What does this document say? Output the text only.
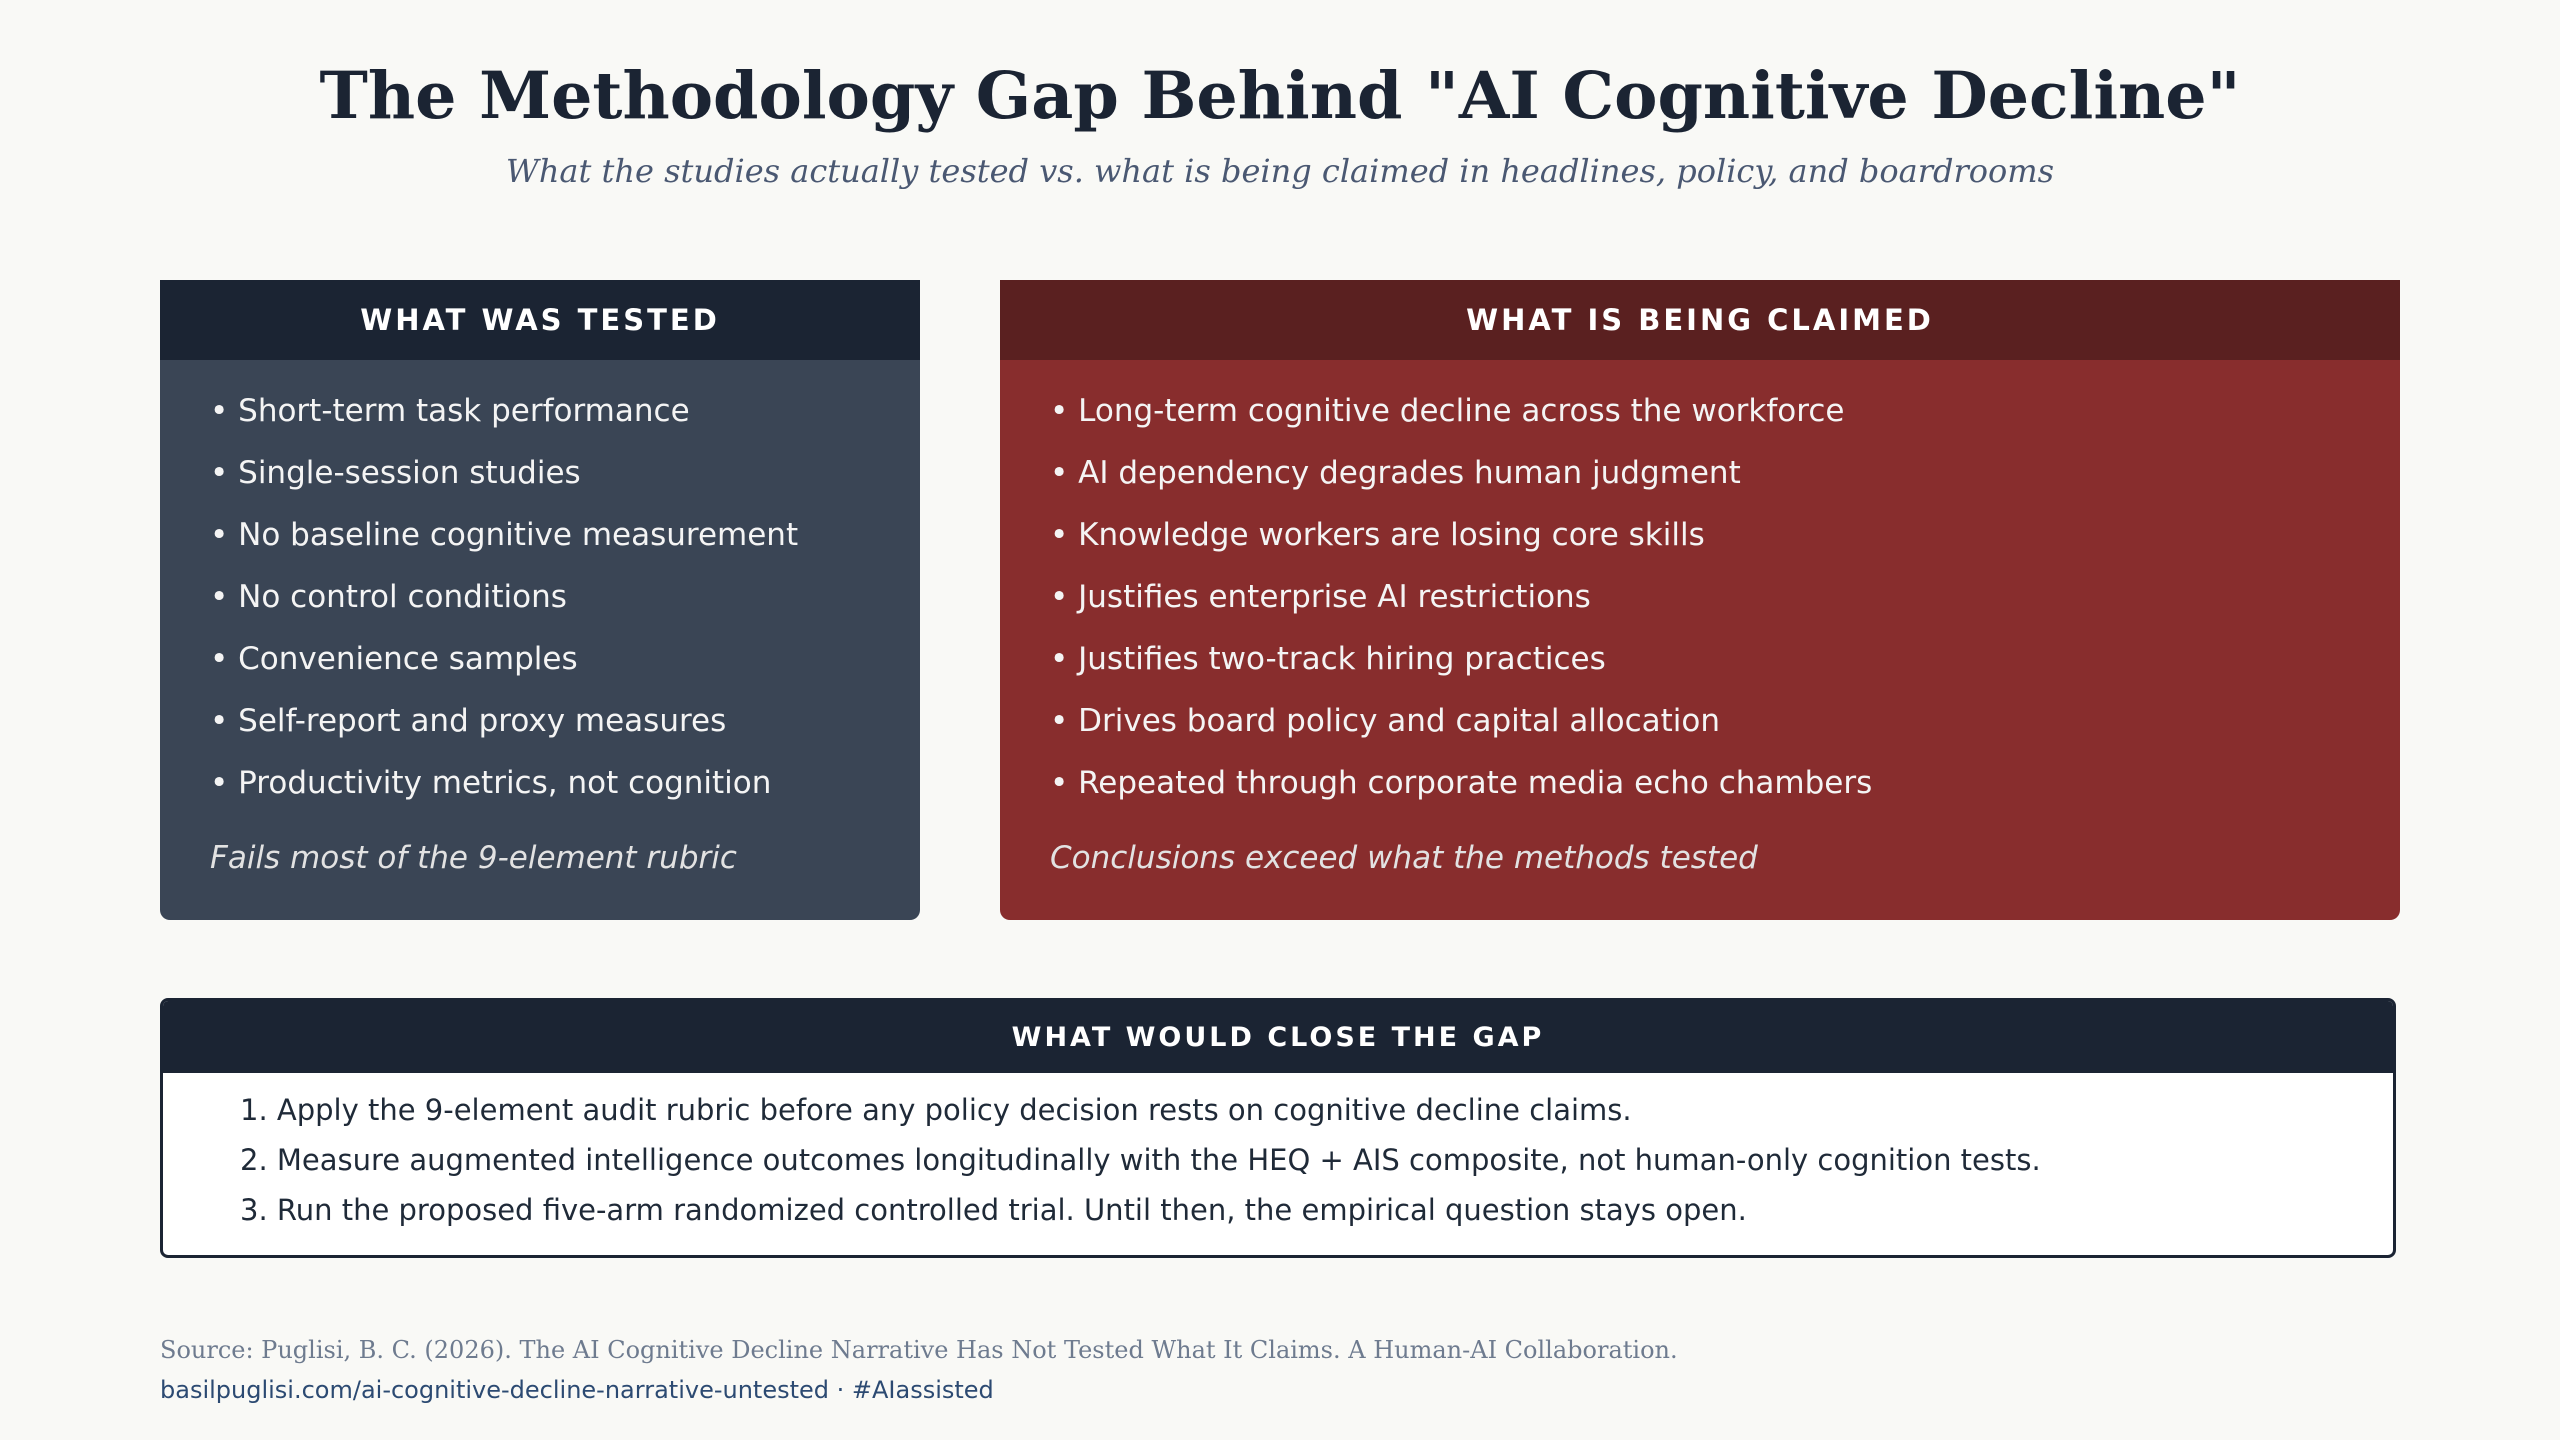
The Methodology Gap Behind "AI Cognitive Decline"

What the studies actually tested vs. what is being claimed in headlines, policy, and boardrooms

WHAT WAS TESTED
• Short-term task performance
• Single-session studies
• No baseline cognitive measurement
• No control conditions
• Convenience samples
• Self-report and proxy measures
• Productivity metrics, not cognition
Fails most of the 9-element rubric
WHAT IS BEING CLAIMED
• Long-term cognitive decline across the workforce
• AI dependency degrades human judgment
• Knowledge workers are losing core skills
• Justifies enterprise AI restrictions
• Justifies two-track hiring practices
• Drives board policy and capital allocation
• Repeated through corporate media echo chambers
Conclusions exceed what the methods tested
WHAT WOULD CLOSE THE GAP
1. Apply the 9-element audit rubric before any policy decision rests on cognitive decline claims.
2. Measure augmented intelligence outcomes longitudinally with the HEQ + AIS composite, not human-only cognition tests.
3. Run the proposed five-arm randomized controlled trial. Until then, the empirical question stays open.
Source: Puglisi, B. C. (2026). The AI Cognitive Decline Narrative Has Not Tested What It Claims. A Human-AI Collaboration.
basilpuglisi.com/ai-cognitive-decline-narrative-untested · #AIassisted
